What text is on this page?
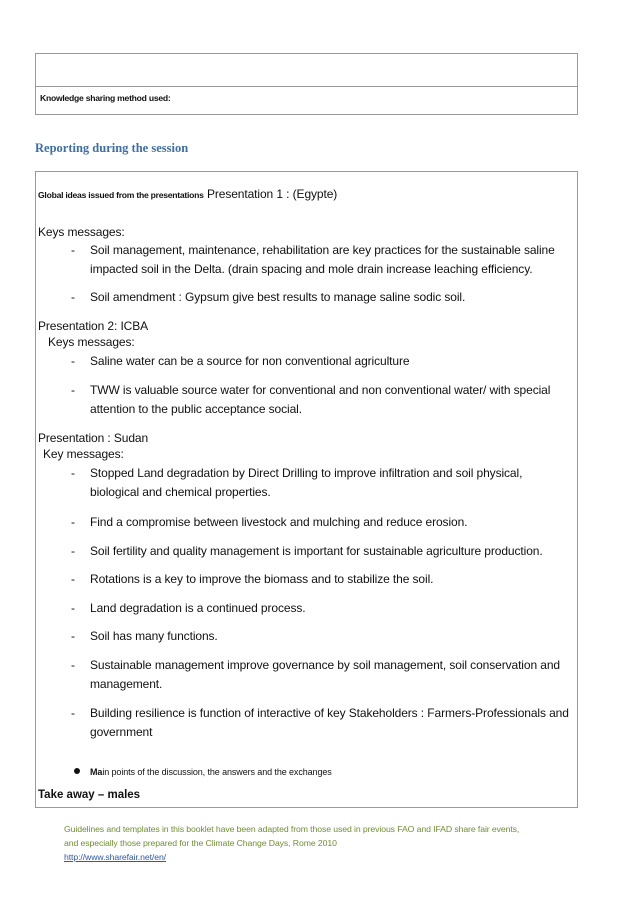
Knowledge sharing method used:
Reporting during the session
Global ideas issued from the presentations Presentation 1 : (Egypte)
Keys messages:
- Soil management, maintenance, rehabilitation are key practices for the sustainable saline
impacted soil in the Delta. (drain spacing and mole drain increase leaching efficiency.
- Soil amendment : Gypsum give best results to manage saline sodic soil.
Presentation 2: ICBA
Keys messages:
- Saline water can be a source for non conventional agriculture
- TWW is valuable source water for conventional and non conventional water/ with special
attention to the public acceptance social.
Presentation : Sudan
Key messages:
- Stopped Land degradation by Direct Drilling to improve infiltration and soil physical,
biological and chemical properties.
- Find a compromise between livestock and mulching and reduce erosion.
- Soil fertility and quality management is important for sustainable agriculture production.
- Rotations is a key to improve the biomass and to stabilize the soil.
- Land degradation is a continued process.
- Soil has many functions.
- Sustainable management improve governance by soil management, soil conservation and
management.
- Building resilience is function of interactive of key Stakeholders : Farmers-Professionals and
government
Main points of the discussion, the answers and the exchanges
Take away – males
Guidelines and templates in this booklet have been adapted from those used in previous FAO and IFAD share fair events,
and especially those prepared for the Climate Change Days, Rome 2010
http://www.sharefair.net/en/
